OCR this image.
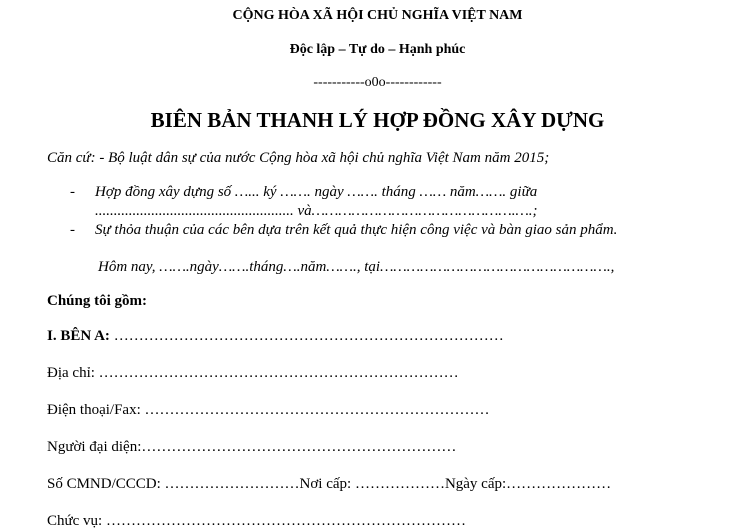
CỘNG HÒA XÃ HỘI CHỦ NGHĨA VIỆT NAM
Độc lập – Tự do – Hạnh phúc
-----------o0o------------
BIÊN BẢN THANH LÝ HỢP ĐỒNG XÂY DỰNG
Căn cứ: - Bộ luật dân sự của nước Cộng hòa xã hội chủ nghĩa Việt Nam năm 2015;
- Hợp đồng xây dựng số …... ký ……. ngày ……. tháng …… năm……. giữa
..................................................... và……………………………………….….;
- Sự thỏa thuận của các bên dựa trên kết quả thực hiện công việc và bàn giao sản phẩm.
Hôm nay, …….ngày…….tháng….năm……., tại…………………………………………….,
Chúng tôi gồm:
I. BÊN A: ……………………………………………………………………
Địa chỉ: ………………………………………………………………
Điện thoại/Fax: ……………………………………………………………
Người đại diện:………………………………………………………
Số CMND/CCCD: ………………………Nơi cấp: ………………Ngày cấp:…………………
Chức vụ: ………………………………………………………………
